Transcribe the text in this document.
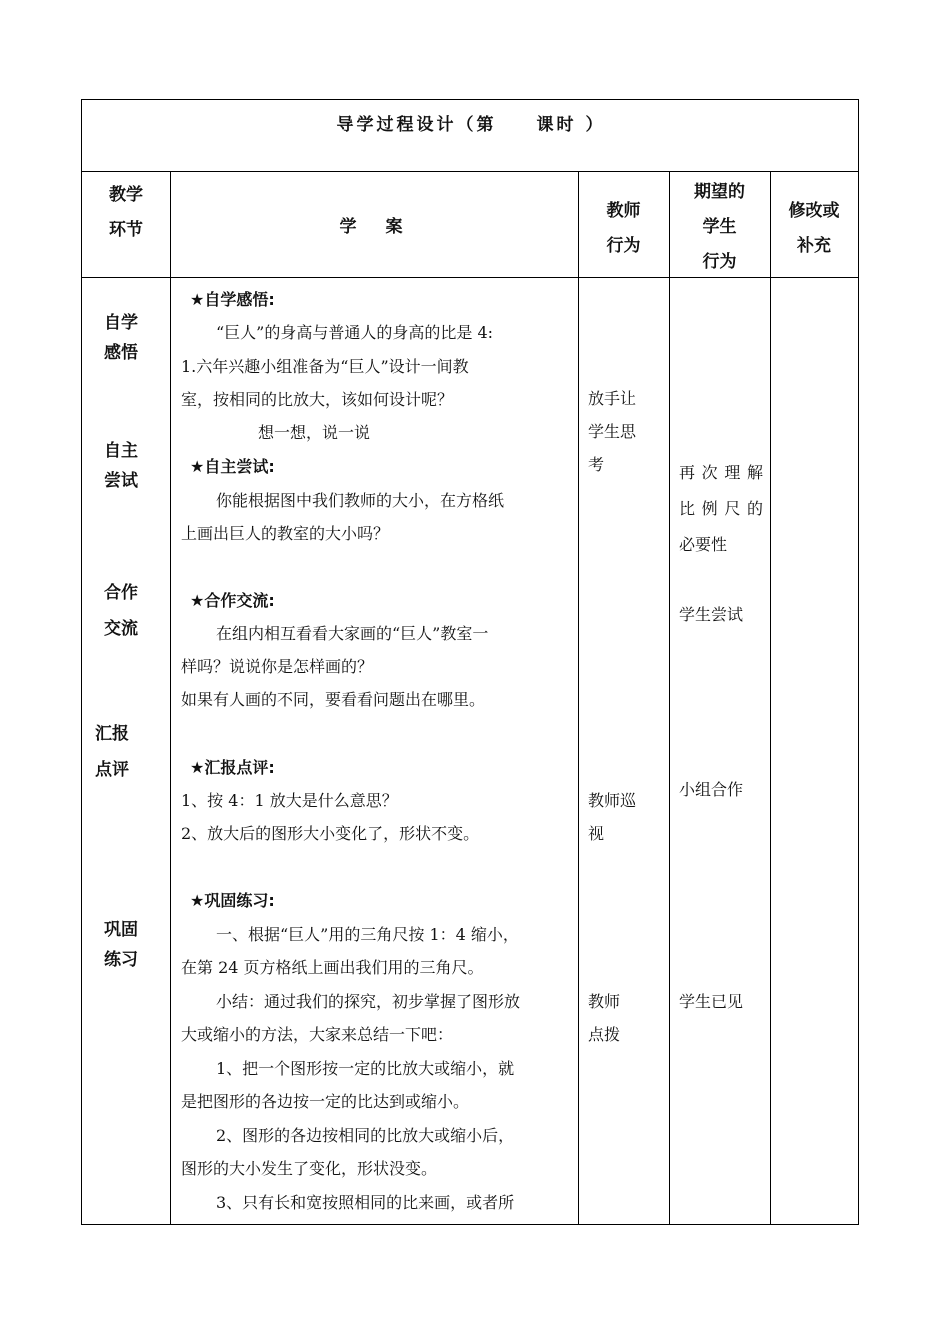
导学过程设计（第　　课时 ）
教学
环节	学　案
教师
行为
期望的
学生
行为
修改或
补充
自学
感悟
自主
尝试
合作
交流
汇报
点评
巩固
练习
★自学感悟:
“巨人”的身高与普通人的身高的比是 4:
1.六年兴趣小组准备为“巨人”设计一间教
室，按相同的比放大，该如何设计呢？
想一想，说一说
★自主尝试:
你能根据图中我们教师的大小，在方格纸
上画出巨人的教室的大小吗？
★合作交流:
在组内相互看看大家画的“巨人”教室一
样吗？说说你是怎样画的？
如果有人画的不同，要看看问题出在哪里。
★汇报点评:
1、按 4：1 放大是什么意思？
2、放大后的图形大小变化了，形状不变。
★巩固练习:
一、根据“巨人”用的三角尺按 1：4 缩小，
在第 24 页方格纸上画出我们用的三角尺。
小结：通过我们的探究，初步掌握了图形放
大或缩小的方法，大家来总结一下吧：
1、把一个图形按一定的比放大或缩小，就
是把图形的各边按一定的比达到或缩小。
2、图形的各边按相同的比放大或缩小后，
图形的大小发生了变化，形状没变。
3、只有长和宽按照相同的比来画，或者所
放手让
学生思
考
教师巡
视
教师
点拨
再次理解
比例尺的
必要性
学生尝试
小组合作
学生已见
